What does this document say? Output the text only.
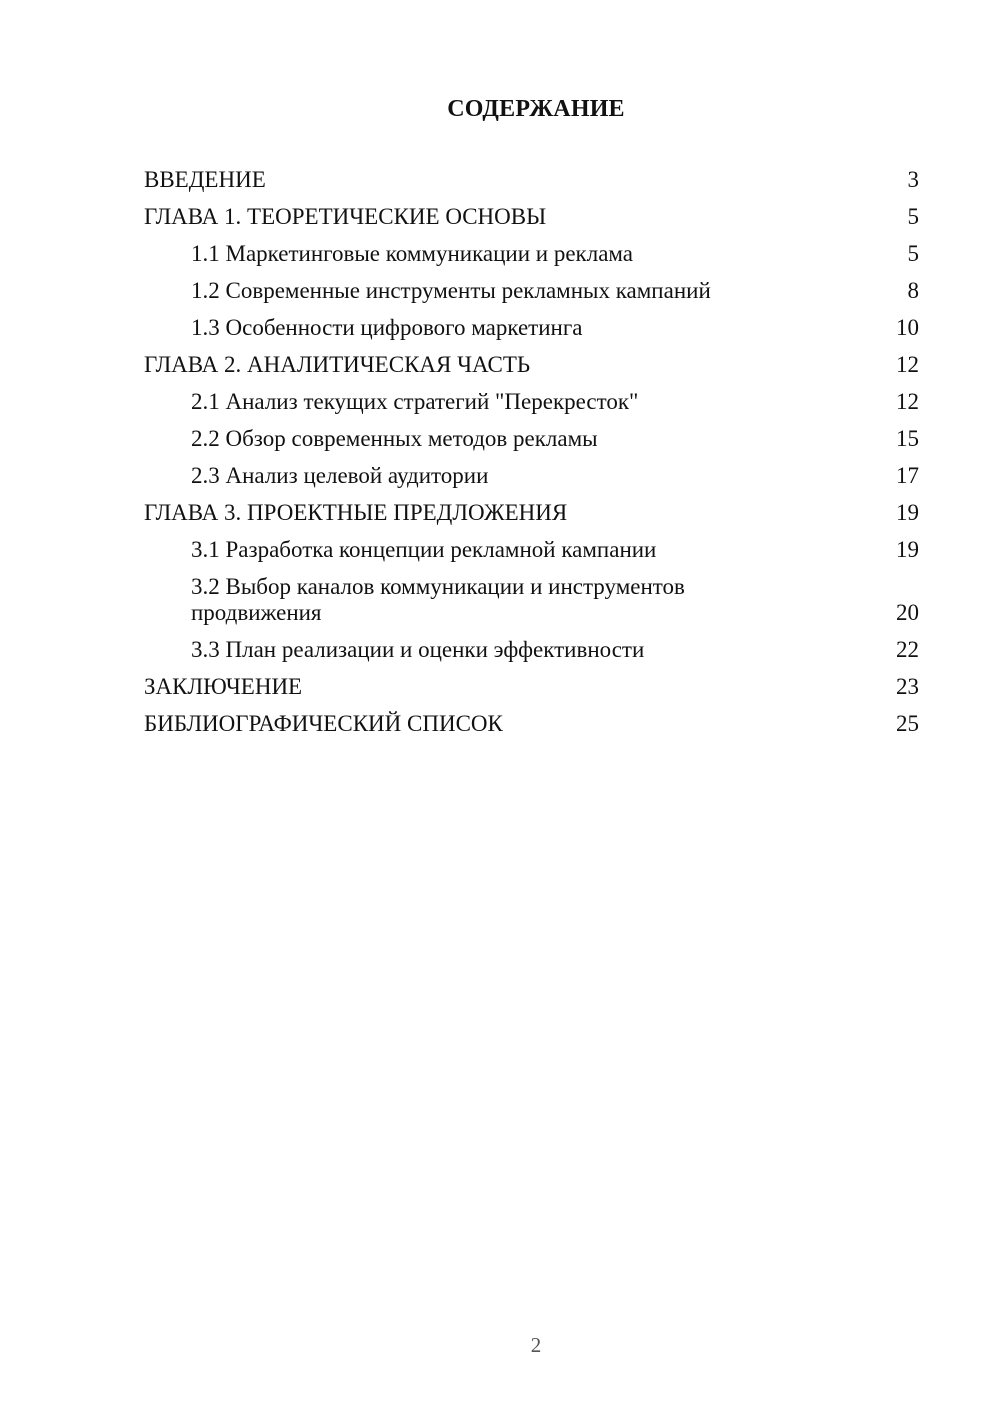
СОДЕРЖАНИЕ
ВВЕДЕНИЕ	3
ГЛАВА 1. ТЕОРЕТИЧЕСКИЕ ОСНОВЫ	5
1.1 Маркетинговые коммуникации и реклама	5
1.2 Современные инструменты рекламных кампаний	8
1.3 Особенности цифрового маркетинга	10
ГЛАВА 2. АНАЛИТИЧЕСКАЯ ЧАСТЬ	12
2.1 Анализ текущих стратегий "Перекресток"	12
2.2 Обзор современных методов рекламы	15
2.3 Анализ целевой аудитории	17
ГЛАВА 3. ПРОЕКТНЫЕ ПРЕДЛОЖЕНИЯ	19
3.1 Разработка концепции рекламной кампании	19
3.2 Выбор каналов коммуникации и инструментов продвижения	20
3.3 План реализации и оценки эффективности	22
ЗАКЛЮЧЕНИЕ	23
БИБЛИОГРАФИЧЕСКИЙ СПИСОК	25
2
